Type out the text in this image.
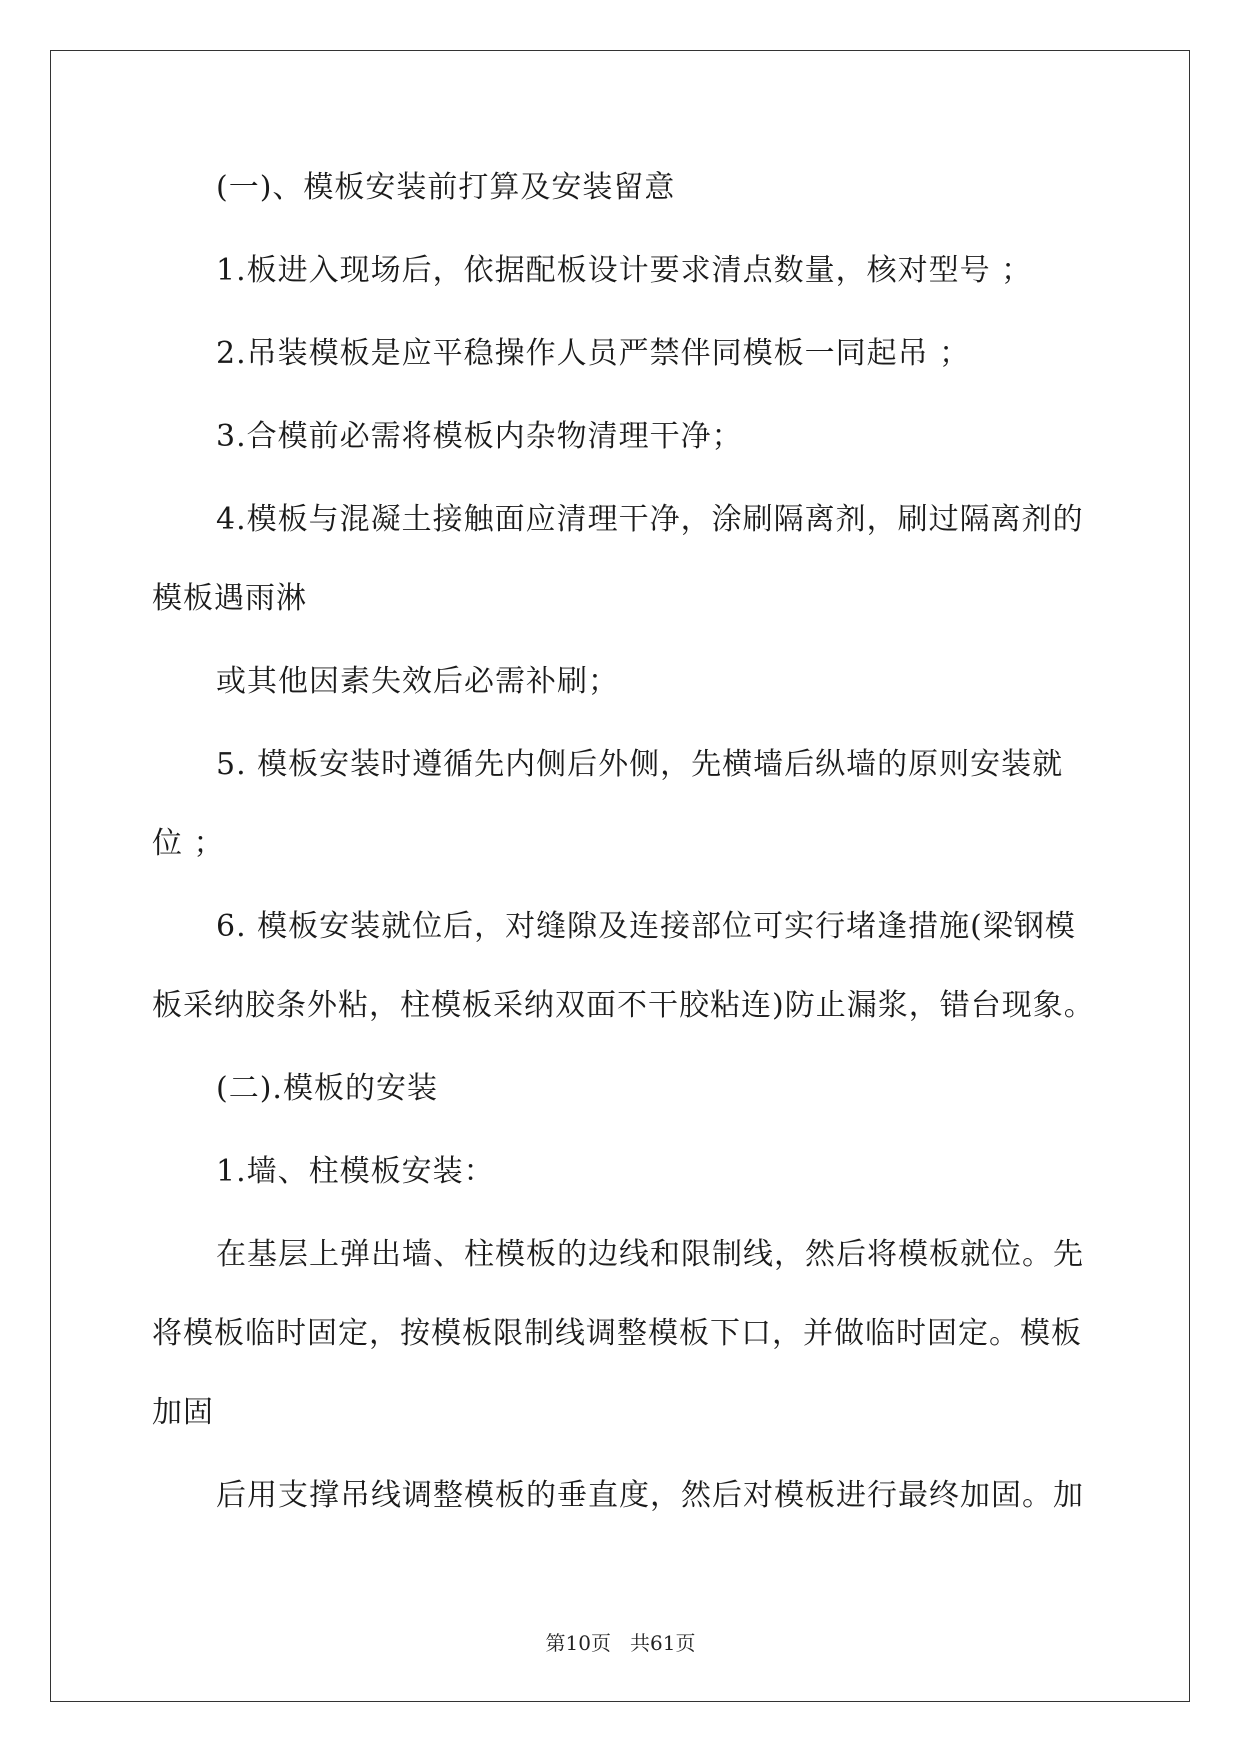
(一)、模板安装前打算及安装留意
1.板进入现场后，依据配板设计要求清点数量，核对型号 ；
2.吊装模板是应平稳操作人员严禁伴同模板一同起吊 ；
3.合模前必需将模板内杂物清理干净；
4.模板与混凝土接触面应清理干净，涂刷隔离剂，刷过隔离剂的
模板遇雨淋
或其他因素失效后必需补刷；
5. 模板安装时遵循先内侧后外侧，先横墙后纵墙的原则安装就
位 ；
6. 模板安装就位后，对缝隙及连接部位可实行堵逢措施(梁钢模
板采纳胶条外粘，柱模板采纳双面不干胶粘连)防止漏浆，错台现象。
(二).模板的安装
1.墙、柱模板安装：
在基层上弹出墙、柱模板的边线和限制线，然后将模板就位。先
将模板临时固定，按模板限制线调整模板下口，并做临时固定。模板
加固
后用支撑吊线调整模板的垂直度，然后对模板进行最终加固。加
第10页   共61页
